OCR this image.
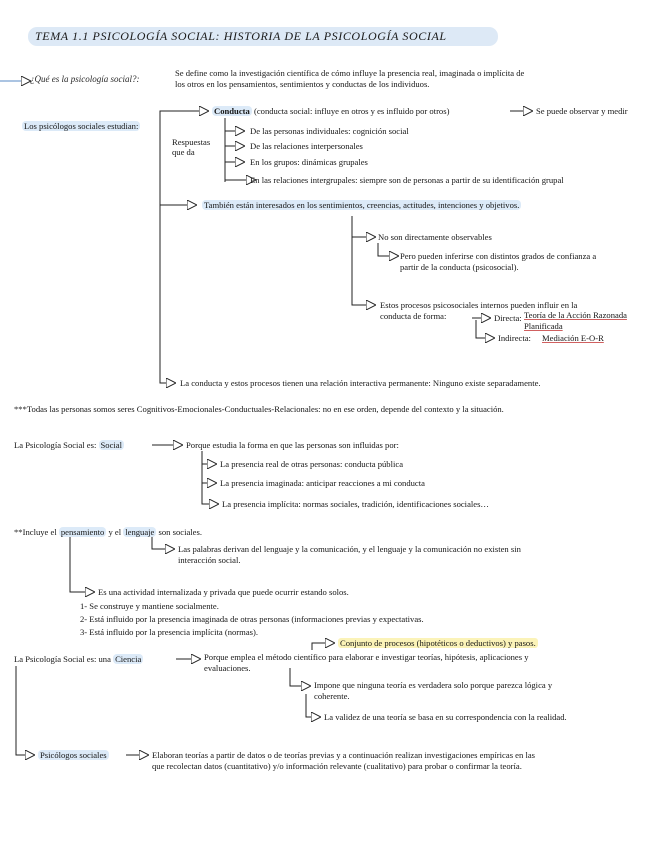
TEMA 1.1 PSICOLOGÍA SOCIAL: HISTORIA DE LA PSICOLOGÍA SOCIAL
¿Qué es la psicología social?:
Se define como la investigación científica de cómo influye la presencia real, imaginada o implícita de
los otros en los pensamientos, sentimientos y conductas de los individuos.
Los psicólogos sociales estudian:
Conducta (conducta social: influye en otros y es influido por otros)	Se puede observar y medir
Respuestas
que da
De las personas individuales: cognición social
De las relaciones interpersonales
En los grupos: dinámicas grupales
En las relaciones intergrupales: siempre son de personas a partir de su identificación grupal
También están interesados en los sentimientos, creencias, actitudes, intenciones y objetivos.
No son directamente observables
Pero pueden inferirse con distintos grados de confianza a
partir de la conducta (psicosocial).
Estos procesos psicosociales internos pueden influir en la
conducta de forma:	Directa: Teoría de la Acción Razonada
Planificada
Indirecta: Mediación E-O-R
La conducta y estos procesos tienen una relación interactiva permanente: Ninguno existe separadamente.
***Todas las personas somos seres Cognitivos-Emocionales-Conductuales-Relacionales: no en ese orden, depende del contexto y la situación.
La Psicología Social es: Social	Porque estudia la forma en que las personas son influidas por:
La presencia real de otras personas: conducta pública
La presencia imaginada: anticipar reacciones a mi conducta
La presencia implícita: normas sociales, tradición, identificaciones sociales…
**Incluye el pensamiento y el lenguaje son sociales.
Las palabras derivan del lenguaje y la comunicación, y el lenguaje y la comunicación no existen sin
interacción social.
Es una actividad internalizada y privada que puede ocurrir estando solos.
1- Se construye y mantiene socialmente.
2- Está influido por la presencia imaginada de otras personas (informaciones previas y expectativas.
3- Está influido por la presencia implícita (normas).
Conjunto de procesos (hipotéticos o deductivos) y pasos.
La Psicología Social es: una Ciencia	Porque emplea el método científico para elaborar e investigar teorías, hipótesis, aplicaciones y
evaluaciones.
Impone que ninguna teoría es verdadera solo porque parezca lógica y
coherente.
La validez de una teoría se basa en su correspondencia con la realidad.
Psicólogos sociales	Elaboran teorías a partir de datos o de teorías previas y a continuación realizan investigaciones empíricas en las
que recolectan datos (cuantitativo) y/o información relevante (cualitativo) para probar o confirmar la teoría.
